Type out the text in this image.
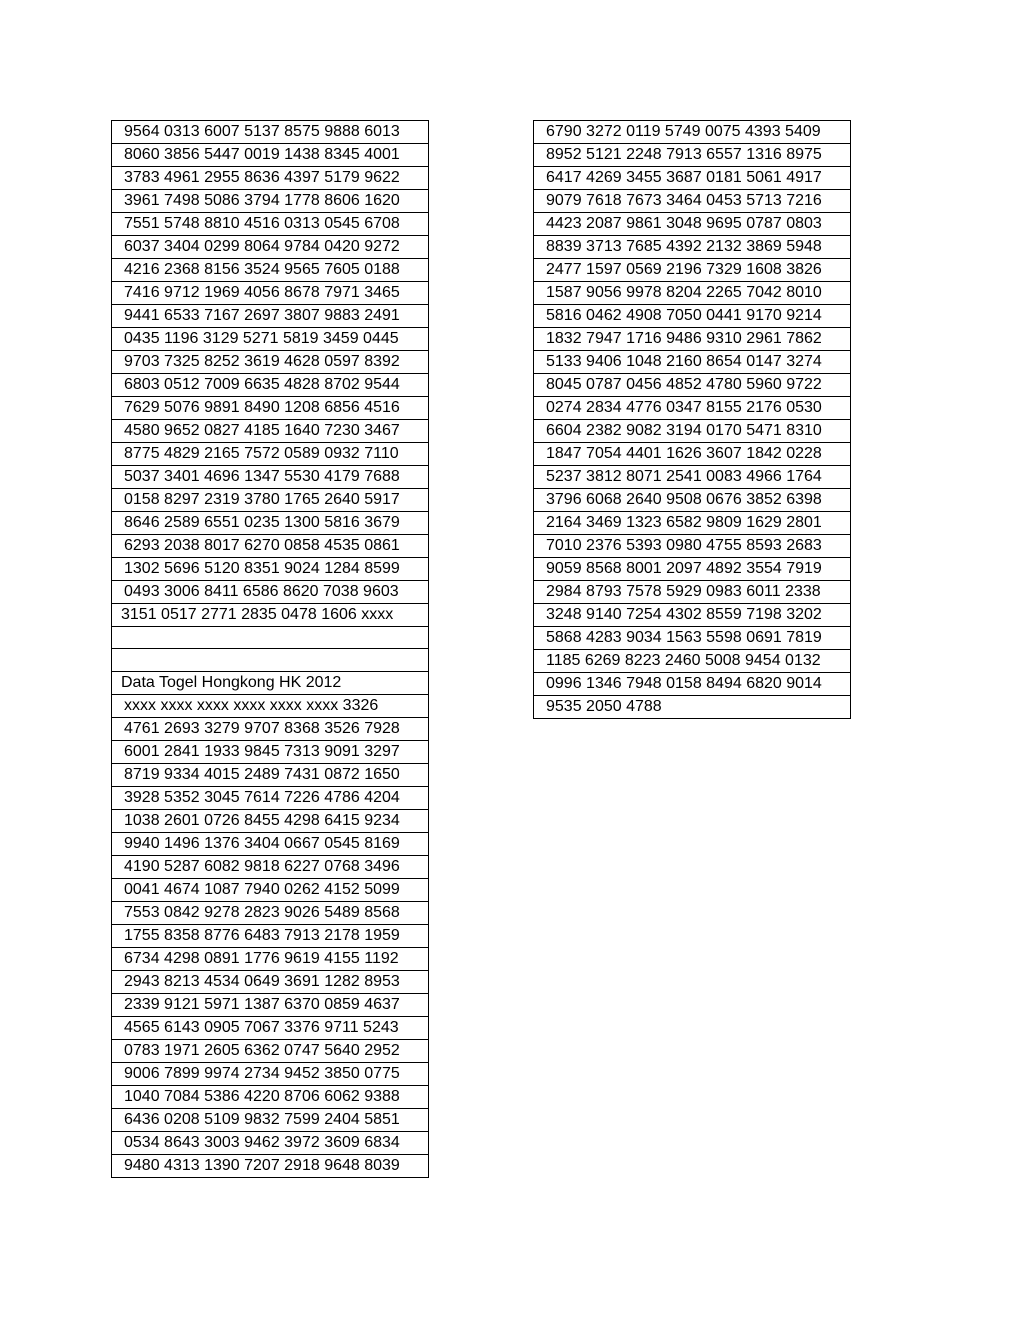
9564 0313 6007 5137 8575 9888 6013
8060 3856 5447 0019 1438 8345 4001
3783 4961 2955 8636 4397 5179 9622
3961 7498 5086 3794 1778 8606 1620
7551 5748 8810 4516 0313 0545 6708
6037 3404 0299 8064 9784 0420 9272
4216 2368 8156 3524 9565 7605 0188
7416 9712 1969 4056 8678 7971 3465
9441 6533 7167 2697 3807 9883 2491
0435 1196 3129 5271 5819 3459 0445
9703 7325 8252 3619 4628 0597 8392
6803 0512 7009 6635 4828 8702 9544
7629 5076 9891 8490 1208 6856 4516
4580 9652 0827 4185 1640 7230 3467
8775 4829 2165 7572 0589 0932 7110
5037 3401 4696 1347 5530 4179 7688
0158 8297 2319 3780 1765 2640 5917
8646 2589 6551 0235 1300 5816 3679
6293 2038 8017 6270 0858 4535 0861
1302 5696 5120 8351 9024 1284 8599
0493 3006 8411 6586 8620 7038 9603
3151 0517 2771 2835 0478 1606 xxxx

Data Togel Hongkong HK 2012
xxxx xxxx xxxx xxxx xxxx xxxx 3326
4761 2693 3279 9707 8368 3526 7928
6001 2841 1933 9845 7313 9091 3297
8719 9334 4015 2489 7431 0872 1650
3928 5352 3045 7614 7226 4786 4204
1038 2601 0726 8455 4298 6415 9234
9940 1496 1376 3404 0667 0545 8169
4190 5287 6082 9818 6227 0768 3496
0041 4674 1087 7940 0262 4152 5099
7553 0842 9278 2823 9026 5489 8568
1755 8358 8776 6483 7913 2178 1959
6734 4298 0891 1776 9619 4155 1192
2943 8213 4534 0649 3691 1282 8953
2339 9121 5971 1387 6370 0859 4637
4565 6143 0905 7067 3376 9711 5243
0783 1971 2605 6362 0747 5640 2952
9006 7899 9974 2734 9452 3850 0775
1040 7084 5386 4220 8706 6062 9388
6436 0208 5109 9832 7599 2404 5851
0534 8643 3003 9462 3972 3609 6834
9480 4313 1390 7207 2918 9648 8039
6790 3272 0119 5749 0075 4393 5409
8952 5121 2248 7913 6557 1316 8975
6417 4269 3455 3687 0181 5061 4917
9079 7618 7673 3464 0453 5713 7216
4423 2087 9861 3048 9695 0787 0803
8839 3713 7685 4392 2132 3869 5948
2477 1597 0569 2196 7329 1608 3826
1587 9056 9978 8204 2265 7042 8010
5816 0462 4908 7050 0441 9170 9214
1832 7947 1716 9486 9310 2961 7862
5133 9406 1048 2160 8654 0147 3274
8045 0787 0456 4852 4780 5960 9722
0274 2834 4776 0347 8155 2176 0530
6604 2382 9082 3194 0170 5471 8310
1847 7054 4401 1626 3607 1842 0228
5237 3812 8071 2541 0083 4966 1764
3796 6068 2640 9508 0676 3852 6398
2164 3469 1323 6582 9809 1629 2801
7010 2376 5393 0980 4755 8593 2683
9059 8568 8001 2097 4892 3554 7919
2984 8793 7578 5929 0983 6011 2338
3248 9140 7254 4302 8559 7198 3202
5868 4283 9034 1563 5598 0691 7819
1185 6269 8223 2460 5008 9454 0132
0996 1346 7948 0158 8494 6820 9014
9535 2050 4788
